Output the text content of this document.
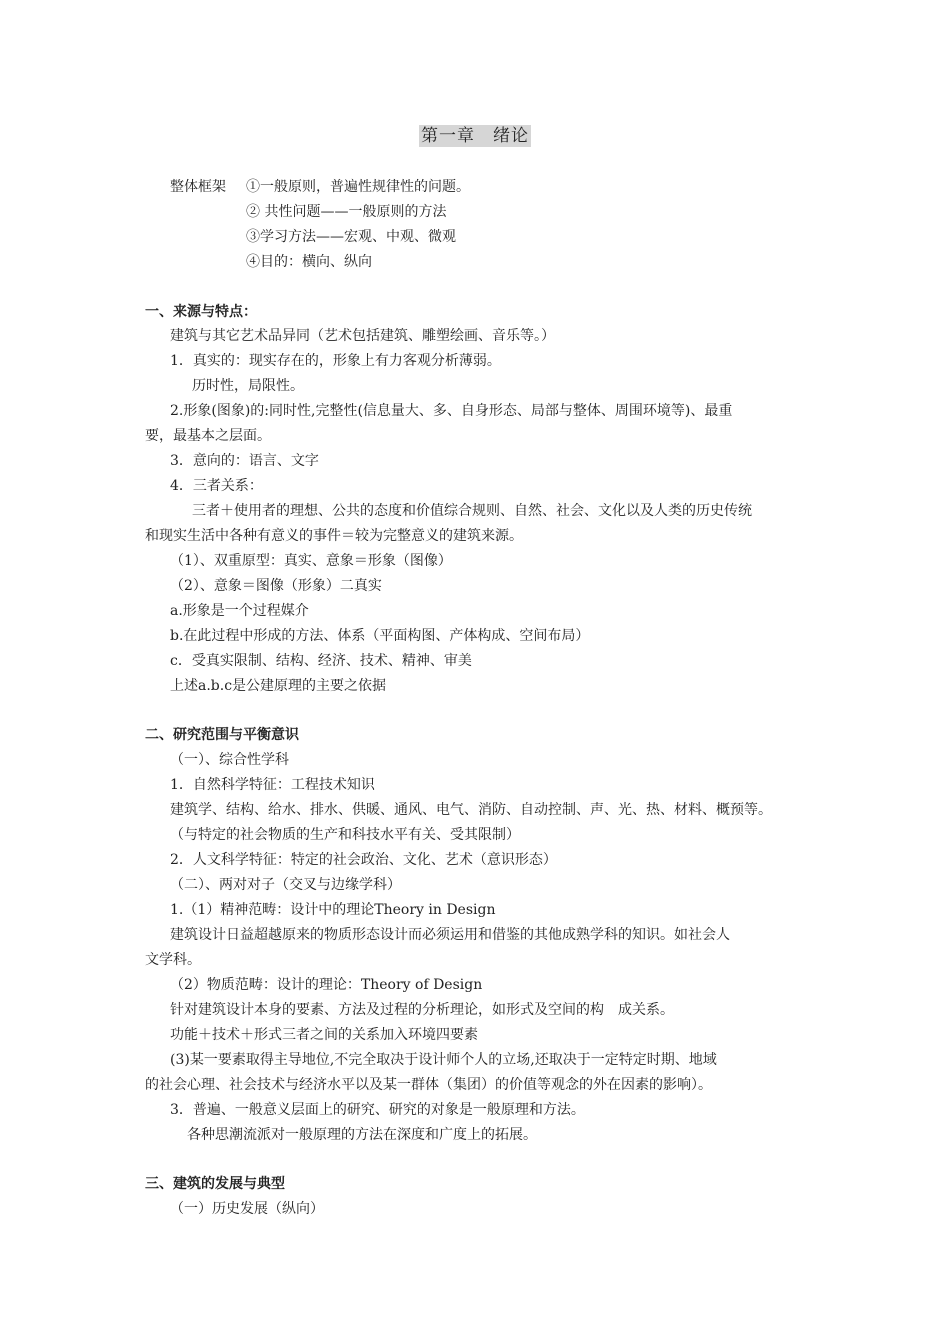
第一章　绪论
整体框架 ①一般原则，普遍性规律性的问题。
② 共性问题——一般原则的方法
③学习方法——宏观、中观、微观
④目的：横向、纵向
一、来源与特点：
建筑与其它艺术品异同（艺术包括建筑、雕塑绘画、音乐等。）
1．真实的：现实存在的，形象上有力客观分析薄弱。
历时性，局限性。
2.形象(图象)的:同时性,完整性(信息量大、多、自身形态、局部与整体、周围环境等)、最重
要，最基本之层面。
3．意向的：语言、文字
4．三者关系：
三者＋使用者的理想、公共的态度和价值综合规则、自然、社会、文化以及人类的历史传统
和现实生活中各种有意义的事件＝较为完整意义的建筑来源。
（1）、双重原型：真实、意象＝形象（图像）
（2）、意象＝图像（形象）二真实
a.形象是一个过程媒介
b.在此过程中形成的方法、体系（平面构图、产体构成、空间布局）
c．受真实限制、结构、经济、技术、精神、审美
上述a.b.c是公建原理的主要之依据
二、研究范围与平衡意识
（一）、综合性学科
1．自然科学特征：工程技术知识
建筑学、结构、给水、排水、供暖、通风、电气、消防、自动控制、声、光、热、材料、概预等。
（与特定的社会物质的生产和科技水平有关、受其限制）
2．人文科学特征：特定的社会政治、文化、艺术（意识形态）
（二）、两对对子（交叉与边缘学科）
1.（1）精神范畴：设计中的理论Theory in Design
建筑设计日益超越原来的物质形态设计而必须运用和借鉴的其他成熟学科的知识。如社会人
文学科。
（2）物质范畴：设计的理论：Theory of Design
针对建筑设计本身的要素、方法及过程的分析理论，如形式及空间的构　成关系。
功能＋技术＋形式三者之间的关系加入环境四要素
(3)某一要素取得主导地位,不完全取决于设计师个人的立场,还取决于一定特定时期、地域
的社会心理、社会技术与经济水平以及某一群体（集团）的价值等观念的外在因素的影响）。
3．普遍、一般意义层面上的研究、研究的对象是一般原理和方法。
各种思潮流派对一般原理的方法在深度和广度上的拓展。
三、建筑的发展与典型
（一）历史发展（纵向）
